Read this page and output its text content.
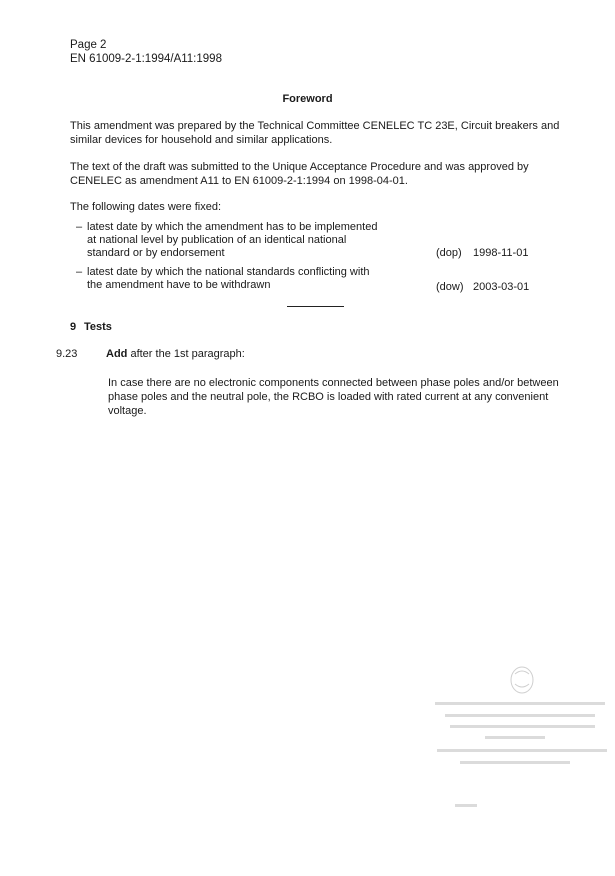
Page 2
EN 61009-2-1:1994/A11:1998
Foreword
This amendment was prepared by the Technical Committee CENELEC TC 23E, Circuit breakers and similar devices for household and similar applications.
The text of the draft was submitted to the Unique Acceptance Procedure and was approved by CENELEC as amendment A11 to EN 61009-2-1:1994 on 1998-04-01.
The following dates were fixed:
– latest date by which the amendment has to be implemented at national level by publication of an identical national standard or by endorsement	(dop) 1998-11-01
– latest date by which the national standards conflicting with the amendment have to be withdrawn	(dow) 2003-03-01
9 Tests
9.23	Add after the 1st paragraph:
In case there are no electronic components connected between phase poles and/or between phase poles and the neutral pole, the RCBO is loaded with rated current at any convenient voltage.
